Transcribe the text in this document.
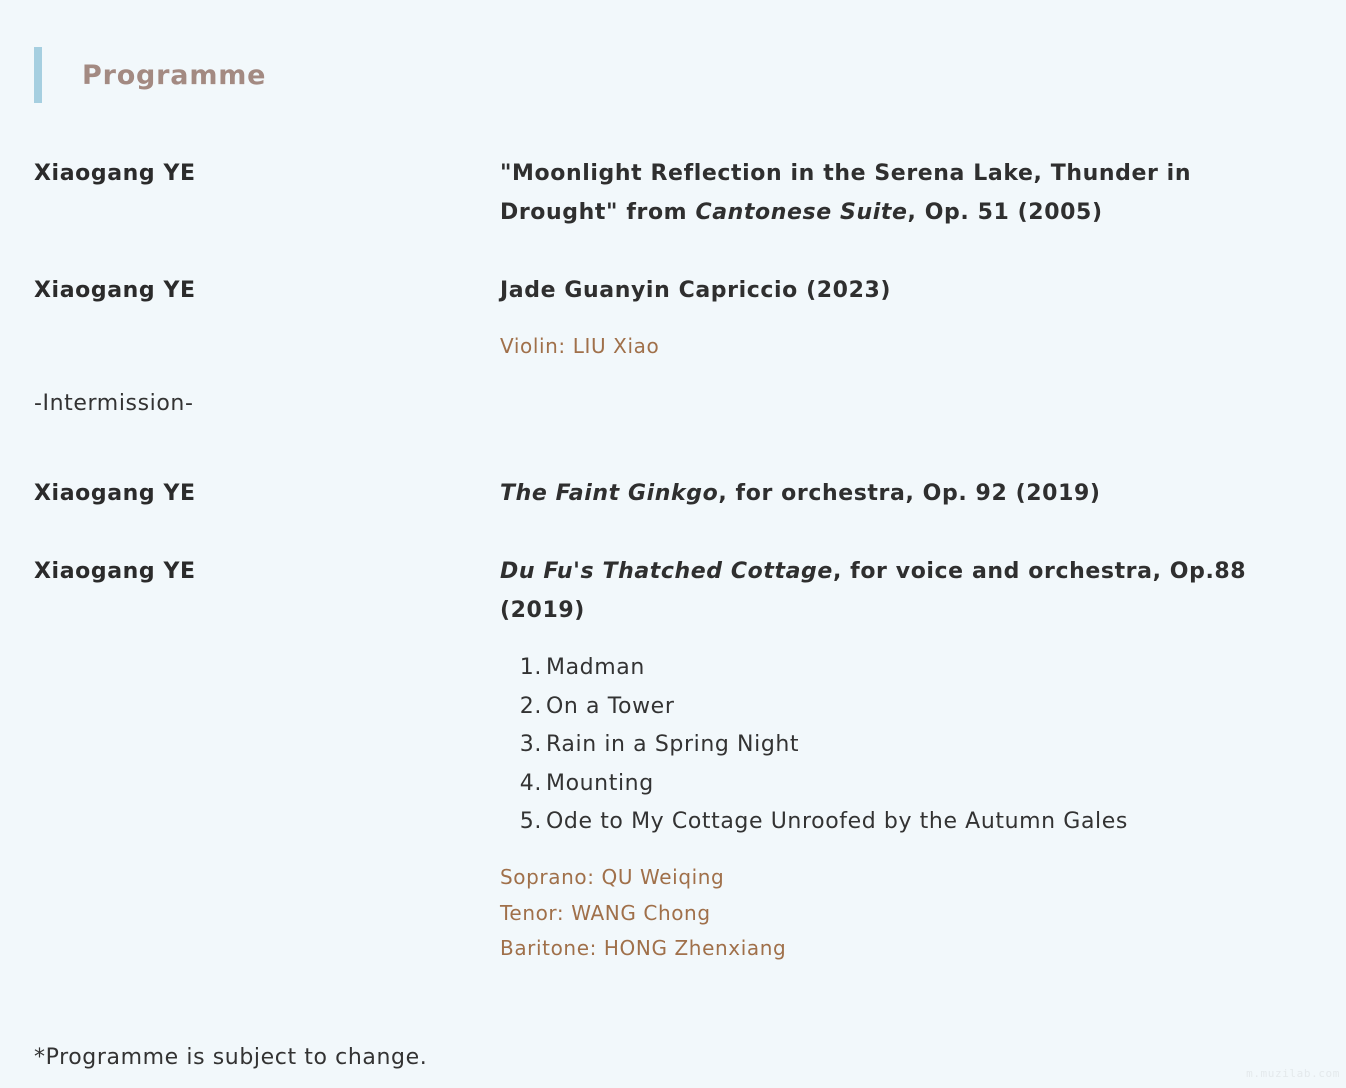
Programme
Xiaogang YE	"Moonlight Reflection in the Serena Lake, Thunder in Drought" from Cantonese Suite, Op. 51 (2005)
Xiaogang YE	Jade Guanyin Capriccio (2023)
Violin: LIU Xiao
-Intermission-
Xiaogang YE	The Faint Ginkgo, for orchestra, Op. 92 (2019)
Xiaogang YE	Du Fu's Thatched Cottage, for voice and orchestra, Op.88 (2019)
1. Madman
2. On a Tower
3. Rain in a Spring Night
4. Mounting
5. Ode to My Cottage Unroofed by the Autumn Gales
Soprano: QU Weiqing
Tenor: WANG Chong
Baritone: HONG Zhenxiang
*Programme is subject to change.
m.muzilab.com
